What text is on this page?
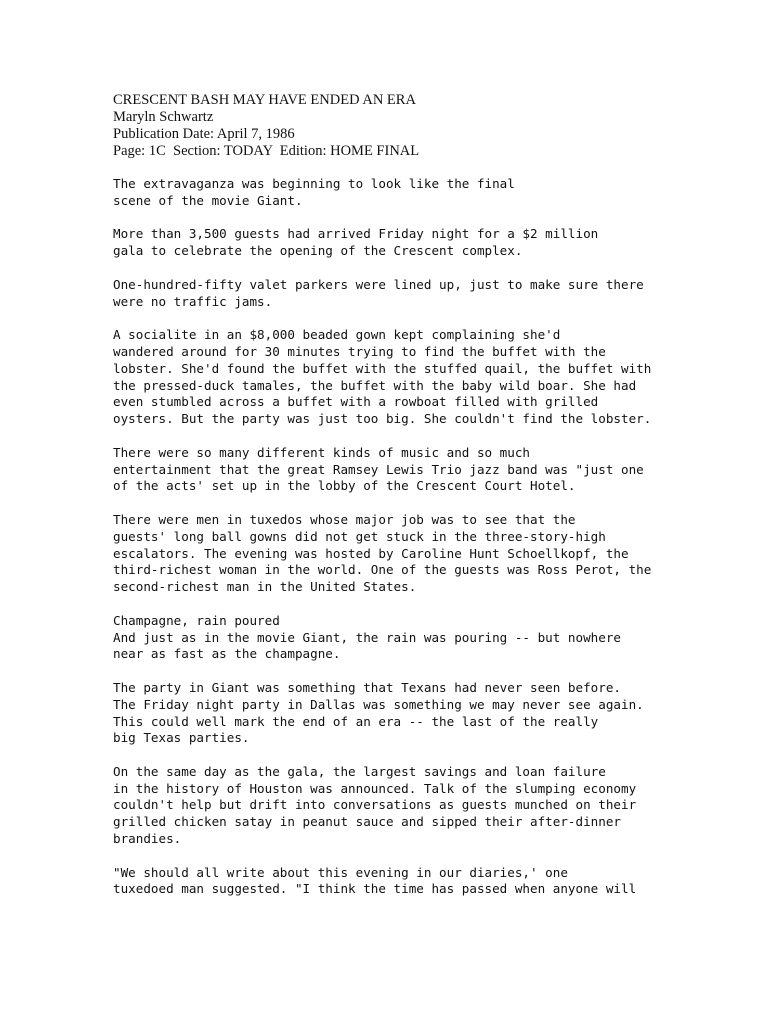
CRESCENT BASH MAY HAVE ENDED AN ERA
Maryln Schwartz
Publication Date: April 7, 1986
Page: 1C  Section: TODAY  Edition: HOME FINAL
The extravaganza was beginning to look like the final
scene of the movie Giant.
More than 3,500 guests had arrived Friday night for a $2 million
gala to celebrate the opening of the Crescent complex.
One-hundred-fifty valet parkers were lined up, just to make sure there
were no traffic jams.
A socialite in an $8,000 beaded gown kept complaining she'd
wandered around for 30 minutes trying to find the buffet with the
lobster. She'd found the buffet with the stuffed quail, the buffet with
the pressed-duck tamales, the buffet with the baby wild boar. She had
even stumbled across a buffet with a rowboat filled with grilled
oysters. But the party was just too big. She couldn't find the lobster.
There were so many different kinds of music and so much
entertainment that the great Ramsey Lewis Trio jazz band was "just one
of the acts' set up in the lobby of the Crescent Court Hotel.
There were men in tuxedos whose major job was to see that the
guests' long ball gowns did not get stuck in the three-story-high
escalators. The evening was hosted by Caroline Hunt Schoellkopf, the
third-richest woman in the world. One of the guests was Ross Perot, the
second-richest man in the United States.
Champagne, rain poured
And just as in the movie Giant, the rain was pouring -- but nowhere
near as fast as the champagne.
The party in Giant was something that Texans had never seen before.
The Friday night party in Dallas was something we may never see again.
This could well mark the end of an era -- the last of the really
big Texas parties.
On the same day as the gala, the largest savings and loan failure
in the history of Houston was announced. Talk of the slumping economy
couldn't help but drift into conversations as guests munched on their
grilled chicken satay in peanut sauce and sipped their after-dinner
brandies.
"We should all write about this evening in our diaries,' one
tuxedoed man suggested. "I think the time has passed when anyone will
